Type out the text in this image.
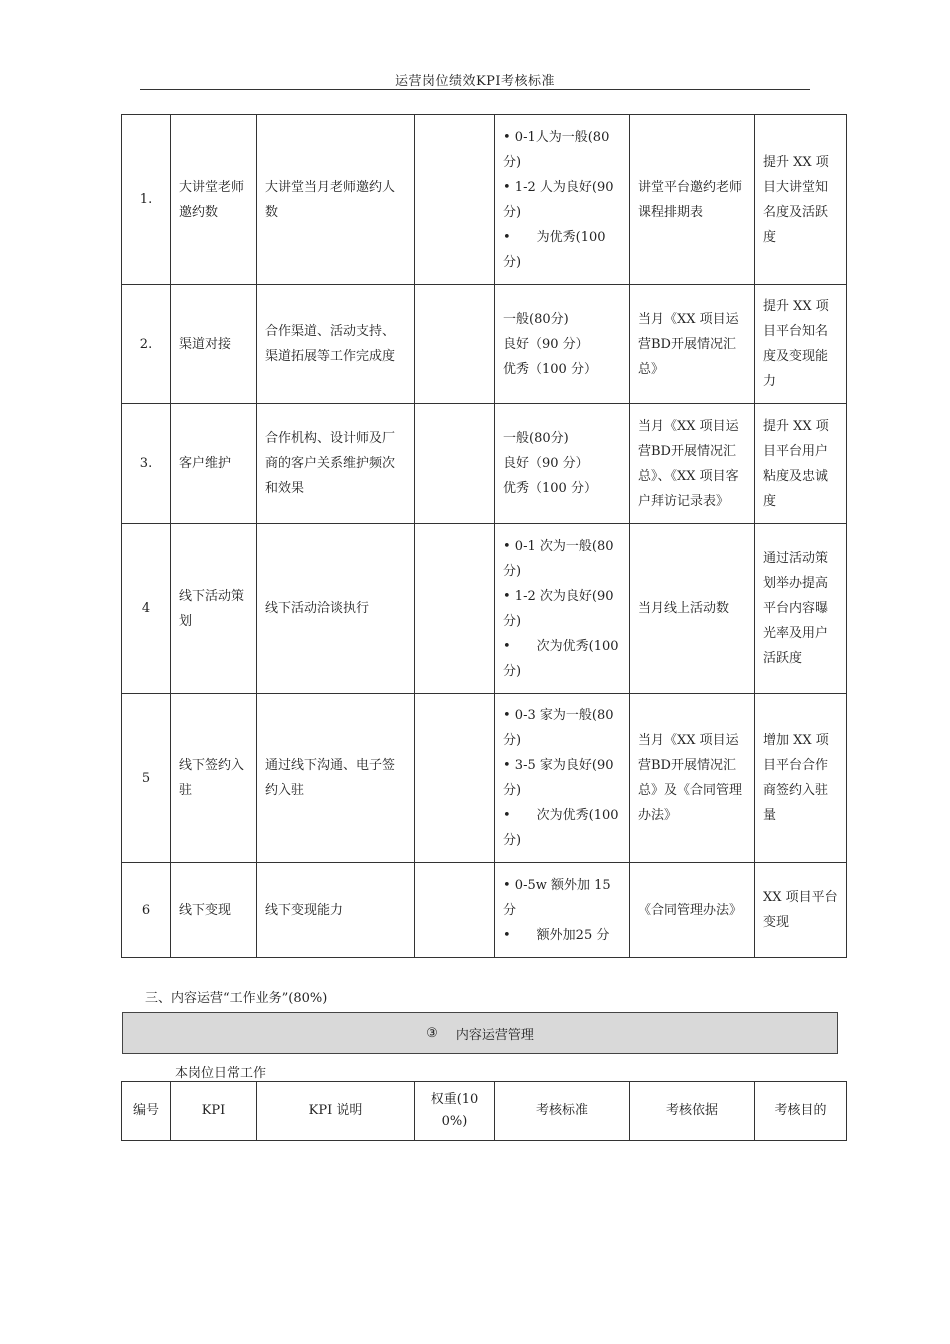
运营岗位绩效KPI考核标准
1.	大讲堂老师邀约数	大讲堂当月老师邀约人数		• 0-1人为一般(80分)
• 1-2 人为良好(90分)
•　　为优秀(100分)	讲堂平台邀约老师课程排期表	提升 XX 项目大讲堂知名度及活跃度
2.	渠道对接	合作渠道、活动支持、渠道拓展等工作完成度		一般(80分)
良好（90 分）
优秀（100 分）	当月《XX 项目运营BD开展情况汇总》	提升 XX 项目平台知名度及变现能力
3.	客户维护	合作机构、设计师及厂商的客户关系维护频次和效果		一般(80分)
良好（90 分）
优秀（100 分）	当月《XX 项目运营BD开展情况汇总》、《XX 项目客户拜访记录表》	提升 XX 项目平台用户粘度及忠诚度
4	线下活动策划	线下活动洽谈执行		• 0-1 次为一般(80分)
• 1-2 次为良好(90分)
•　　次为优秀(100分)	当月线上活动数	通过活动策划举办提高平台内容曝光率及用户活跃度
5	线下签约入驻	通过线下沟通、电子签约入驻		• 0-3 家为一般(80分)
• 3-5 家为良好(90分)
•　　次为优秀(100分)	当月《XX 项目运营BD开展情况汇总》及《合同管理办法》	增加 XX 项目平台合作商签约入驻量
6	线下变现	线下变现能力		• 0-5w 额外加 15分
•　　额外加25 分	《合同管理办法》	XX 项目平台变现
三、内容运营“工作业务”(80%)
③ 内容运营管理
本岗位日常工作
编号	KPI	KPI 说明	权重(100%)	考核标准	考核依据	考核目的
